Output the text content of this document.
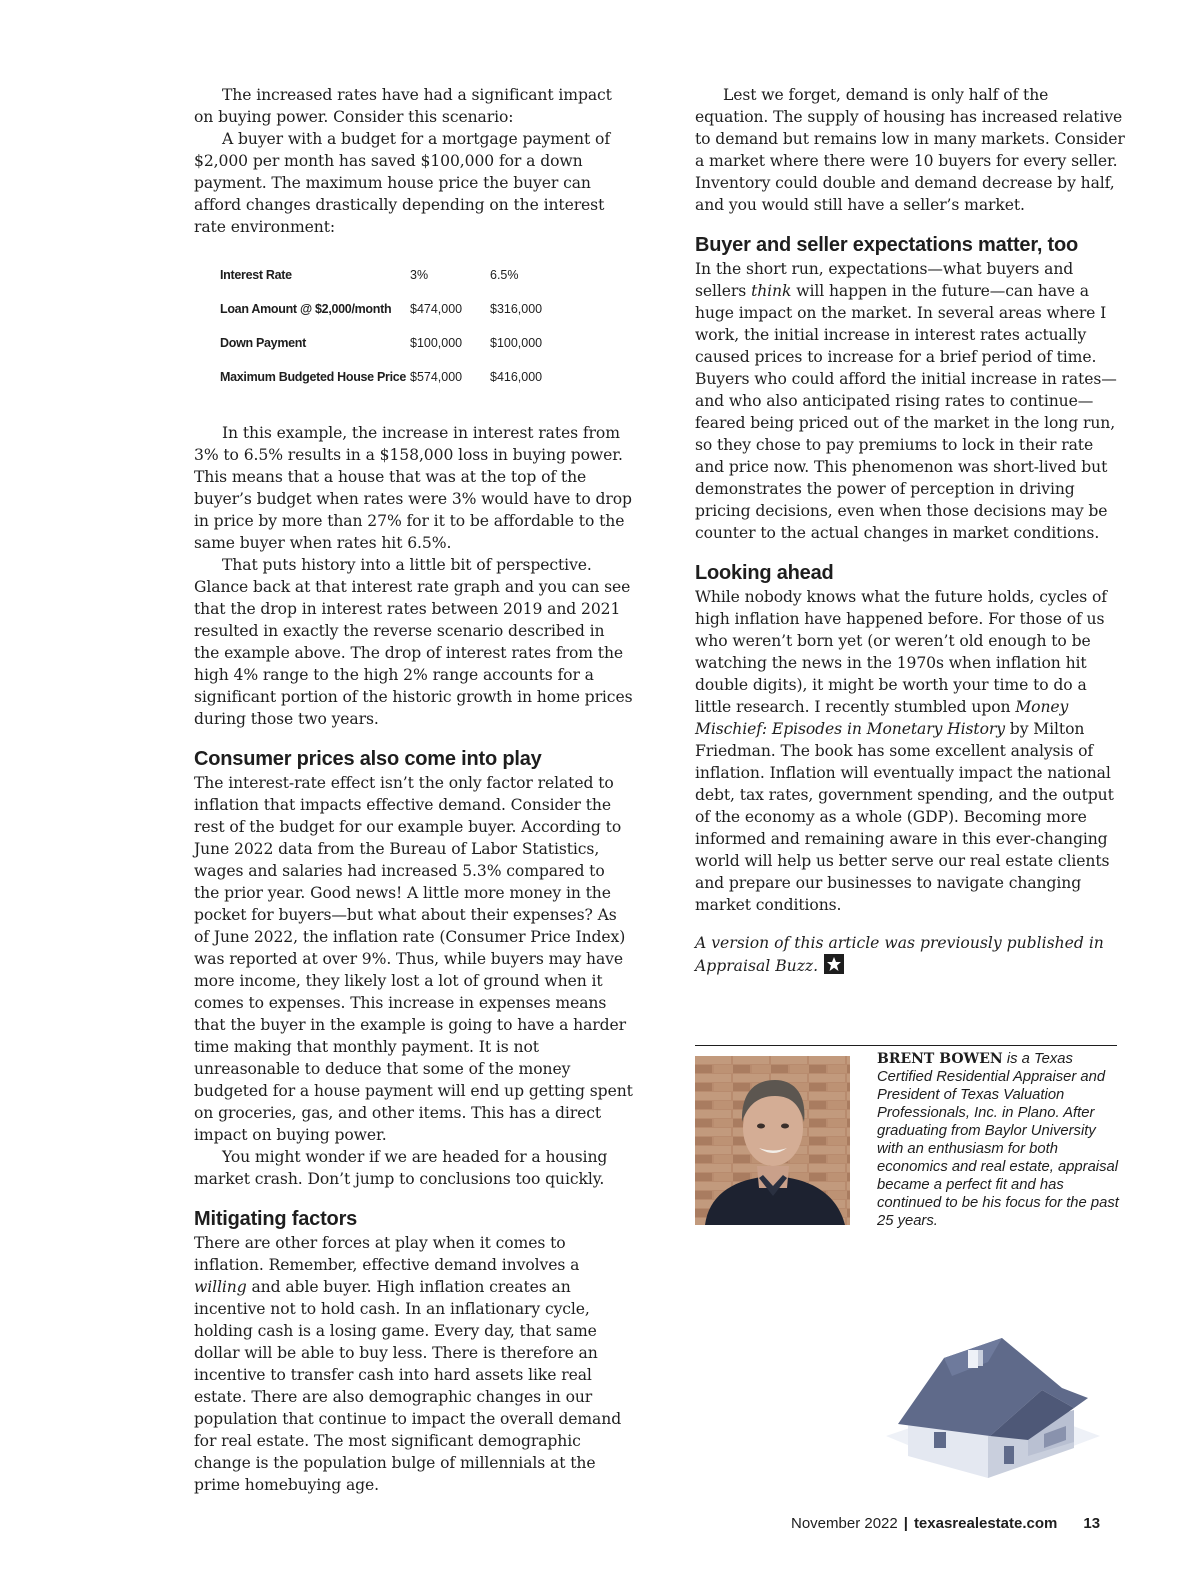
The increased rates have had a significant impact on buying power. Consider this scenario:

A buyer with a budget for a mortgage payment of $2,000 per month has saved $100,000 for a down payment. The maximum house price the buyer can afford changes drastically depending on the interest rate environment:

Interest Rate	3%	6.5%
Loan Amount @ $2,000/month	$474,000	$316,000
Down Payment	$100,000	$100,000
Maximum Budgeted House Price	$574,000	$416,000

In this example, the increase in interest rates from 3% to 6.5% results in a $158,000 loss in buying power. This means that a house that was at the top of the buyer’s budget when rates were 3% would have to drop in price by more than 27% for it to be affordable to the same buyer when rates hit 6.5%.

That puts history into a little bit of perspective. Glance back at that interest rate graph and you can see that the drop in interest rates between 2019 and 2021 resulted in exactly the reverse scenario described in the example above. The drop of interest rates from the high 4% range to the high 2% range accounts for a significant portion of the historic growth in home prices during those two years.

Consumer prices also come into play

The interest-rate effect isn’t the only factor related to inflation that impacts effective demand. Consider the rest of the budget for our example buyer. According to June 2022 data from the Bureau of Labor Statistics, wages and salaries had increased 5.3% compared to the prior year. Good news! A little more money in the pocket for buyers—but what about their expenses? As of June 2022, the inflation rate (Consumer Price Index) was reported at over 9%. Thus, while buyers may have more income, they likely lost a lot of ground when it comes to expenses. This increase in expenses means that the buyer in the example is going to have a harder time making that monthly payment. It is not unreasonable to deduce that some of the money budgeted for a house payment will end up getting spent on groceries, gas, and other items. This has a direct impact on buying power.

You might wonder if we are headed for a housing market crash. Don’t jump to conclusions too quickly.

Mitigating factors

There are other forces at play when it comes to inflation. Remember, effective demand involves a willing and able buyer. High inflation creates an incentive not to hold cash. In an inflationary cycle, holding cash is a losing game. Every day, that same dollar will be able to buy less. There is therefore an incentive to transfer cash into hard assets like real estate. There are also demographic changes in our population that continue to impact the overall demand for real estate. The most significant demographic change is the population bulge of millennials at the prime homebuying age.

Lest we forget, demand is only half of the equation. The supply of housing has increased relative to demand but remains low in many markets. Consider a market where there were 10 buyers for every seller. Inventory could double and demand decrease by half, and you would still have a seller’s market.

Buyer and seller expectations matter, too

In the short run, expectations—what buyers and sellers think will happen in the future—can have a huge impact on the market. In several areas where I work, the initial increase in interest rates actually caused prices to increase for a brief period of time. Buyers who could afford the initial increase in rates—and who also anticipated rising rates to continue—feared being priced out of the market in the long run, so they chose to pay premiums to lock in their rate and price now. This phenomenon was short-lived but demonstrates the power of perception in driving pricing decisions, even when those decisions may be counter to the actual changes in market conditions.

Looking ahead

While nobody knows what the future holds, cycles of high inflation have happened before. For those of us who weren’t born yet (or weren’t old enough to be watching the news in the 1970s when inflation hit double digits), it might be worth your time to do a little research. I recently stumbled upon Money Mischief: Episodes in Monetary History by Milton Friedman. The book has some excellent analysis of inflation. Inflation will eventually impact the national debt, tax rates, government spending, and the output of the economy as a whole (GDP). Becoming more informed and remaining aware in this ever-changing world will help us better serve our real estate clients and prepare our businesses to navigate changing market conditions.

A version of this article was previously published in Appraisal Buzz.
BRENT BOWEN is a Texas Certified Residential Appraiser and President of Texas Valuation Professionals, Inc. in Plano. After graduating from Baylor University with an enthusiasm for both economics and real estate, appraisal became a perfect fit and has continued to be his focus for the past 25 years.
November 2022 | texasrealestate.com 13
